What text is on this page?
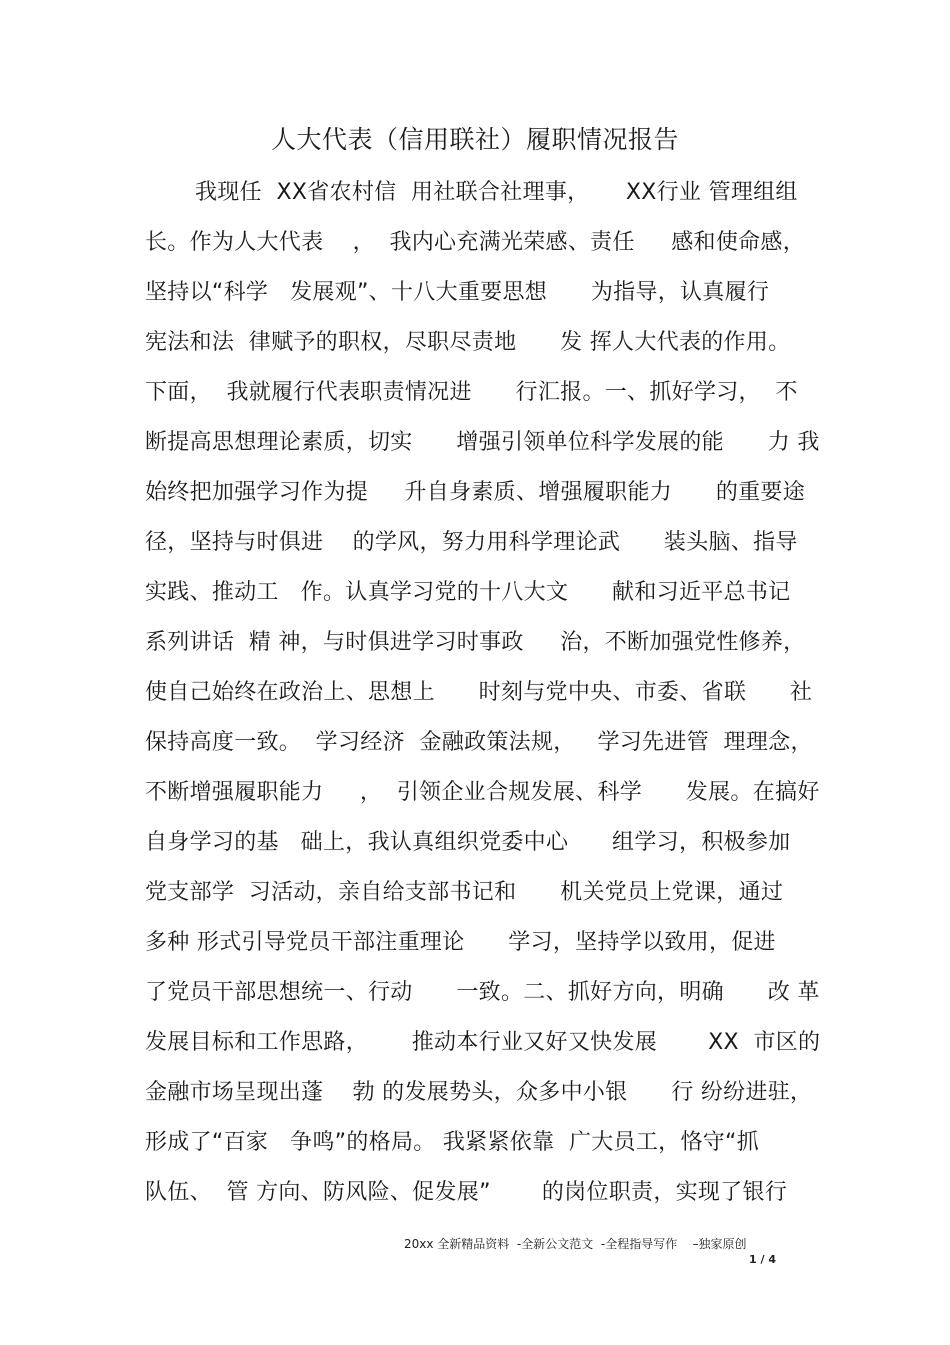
人大代表（信用联社）履职情况报告
我现任  XX省农村信  用社联合社理事，     XX行业 管理组组
长。作为人大代表    ，  我内心充满光荣感、责任     感和使命感，
坚持以“科学   发展观”、十八大重要思想      为指导，认真履行
宪法和法  律赋予的职权，尽职尽责地      发 挥人大代表的作用。
下面，  我就履行代表职责情况进      行汇报。一、抓好学习，  不
断提高思想理论素质，切实      增强引领单位科学发展的能      力 我
始终把加强学习作为提     升自身素质、增强履职能力      的重要途
径，坚持与时俱进    的学风，努力用科学理论武      装头脑、指导
实践、推动工   作。认真学习党的十八大文      献和习近平总书记
系列讲话  精 神，与时俱进学习时事政     治，不断加强党性修养，
使自己始终在政治上、思想上      时刻与党中央、市委、省联      社
保持高度一致。  学习经济  金融政策法规，   学习先进管  理理念，
不断增强履职能力     ，  引领企业合规发展、科学      发展。在搞好
自身学习的基   础上，我认真组织党委中心      组学习，积极参加
党支部学  习活动，亲自给支部书记和      机关党员上党课，通过
多种 形式引导党员干部注重理论      学习，坚持学以致用，促进
了党员干部思想统一、行动      一致。二、抓好方向，明确      改 革
发展目标和工作思路，      推动本行业又好又快发展       XX  市区的
金融市场呈现出蓬    勃 的发展势头，众多中小银      行 纷纷进驻，
形成了“百家   争鸣”的格局。 我紧紧依靠  广大员工，恪守“抓
队伍、  管 方向、防风险、促发展”       的岗位职责，实现了银行
20xx 全新精品资料  -全新公文范文  -全程指导写作    –独家原创
1 / 4
